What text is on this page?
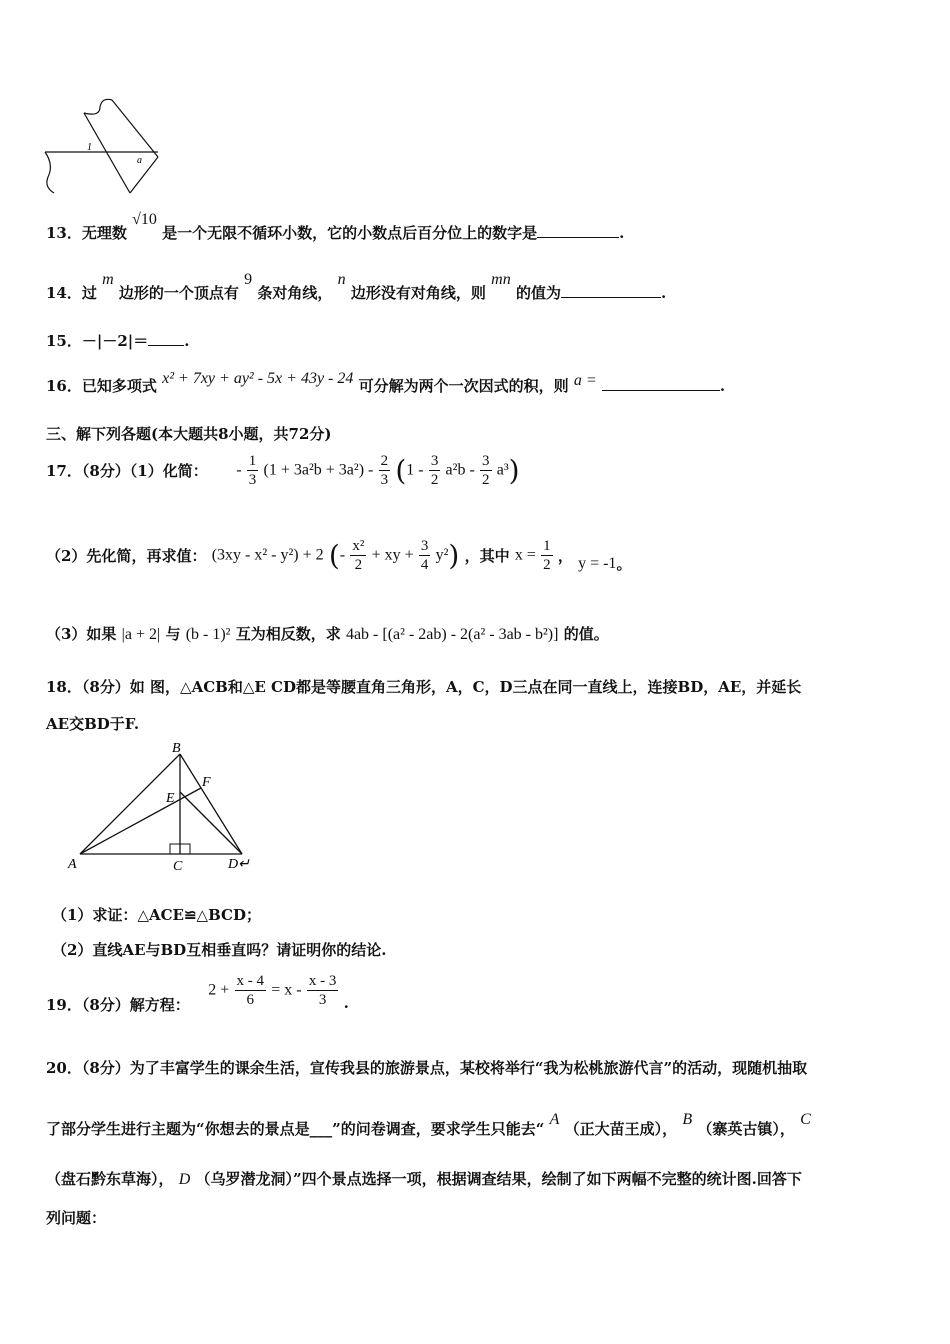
1
a
13．无理数 √10 是一个无限不循环小数，它的小数点后百分位上的数字是	.
14．过 m 边形的一个顶点有 9 条对角线， n 边形没有对角线，则 mn 的值为	.
15．－|－2|＝ .
16．已知多项式 x² + 7xy + ay² - 5x + 43y - 24 可分解为两个一次因式的积，则 a =	.
三、解下列各题(本大题共8小题，共72分)
17．（8分）（1）化简： - $\frac{1}{3} (1 + 3a^2b + 3a^2) - \frac{2}{3} (1 - \frac{3}{2} a^2b - \frac{3}{2} a^3)$
（2）先化简，再求值： (3xy - x² - y²) + 2 (- $\frac{\text{x²}}{2}$ + xy + $\frac{3}{4} y^2$) ，其中 $x = \frac{1}{2}$ ， y = -1。
（3）如果 |a + 2| 与 (b - 1)² 互为相反数，求 4ab - [(a² - 2ab) - 2(a² - 3ab - b²)] 的值。
18．（8分）如 图，△ACB和△E CD都是等腰直角三角形，A，C，D三点在同一直线上，连接BD，AE，并延长
AE交BD于F.
B
F
E
A	C	D↵
（1）求证：△ACE≌△BCD；
（2）直线AE与BD互相垂直吗？请证明你的结论.
19．（8分）解方程：  $2 + \frac{x - 4}{6} = x - \frac{x - 3}{3}$ .
20．（8分）为了丰富学生的课余生活，宣传我县的旅游景点，某校将举行“我为松桃旅游代言”的活动，现随机抽取
了部分学生进行主题为“你想去的景点是___”的问卷调查，要求学生只能去“ A （正大苗王成）， B （寨英古镇）， C
（盘石黔东草海）， D （乌罗潜龙洞）”四个景点选择一项，根据调查结果，绘制了如下两幅不完整的统计图.回答下
列问题：
